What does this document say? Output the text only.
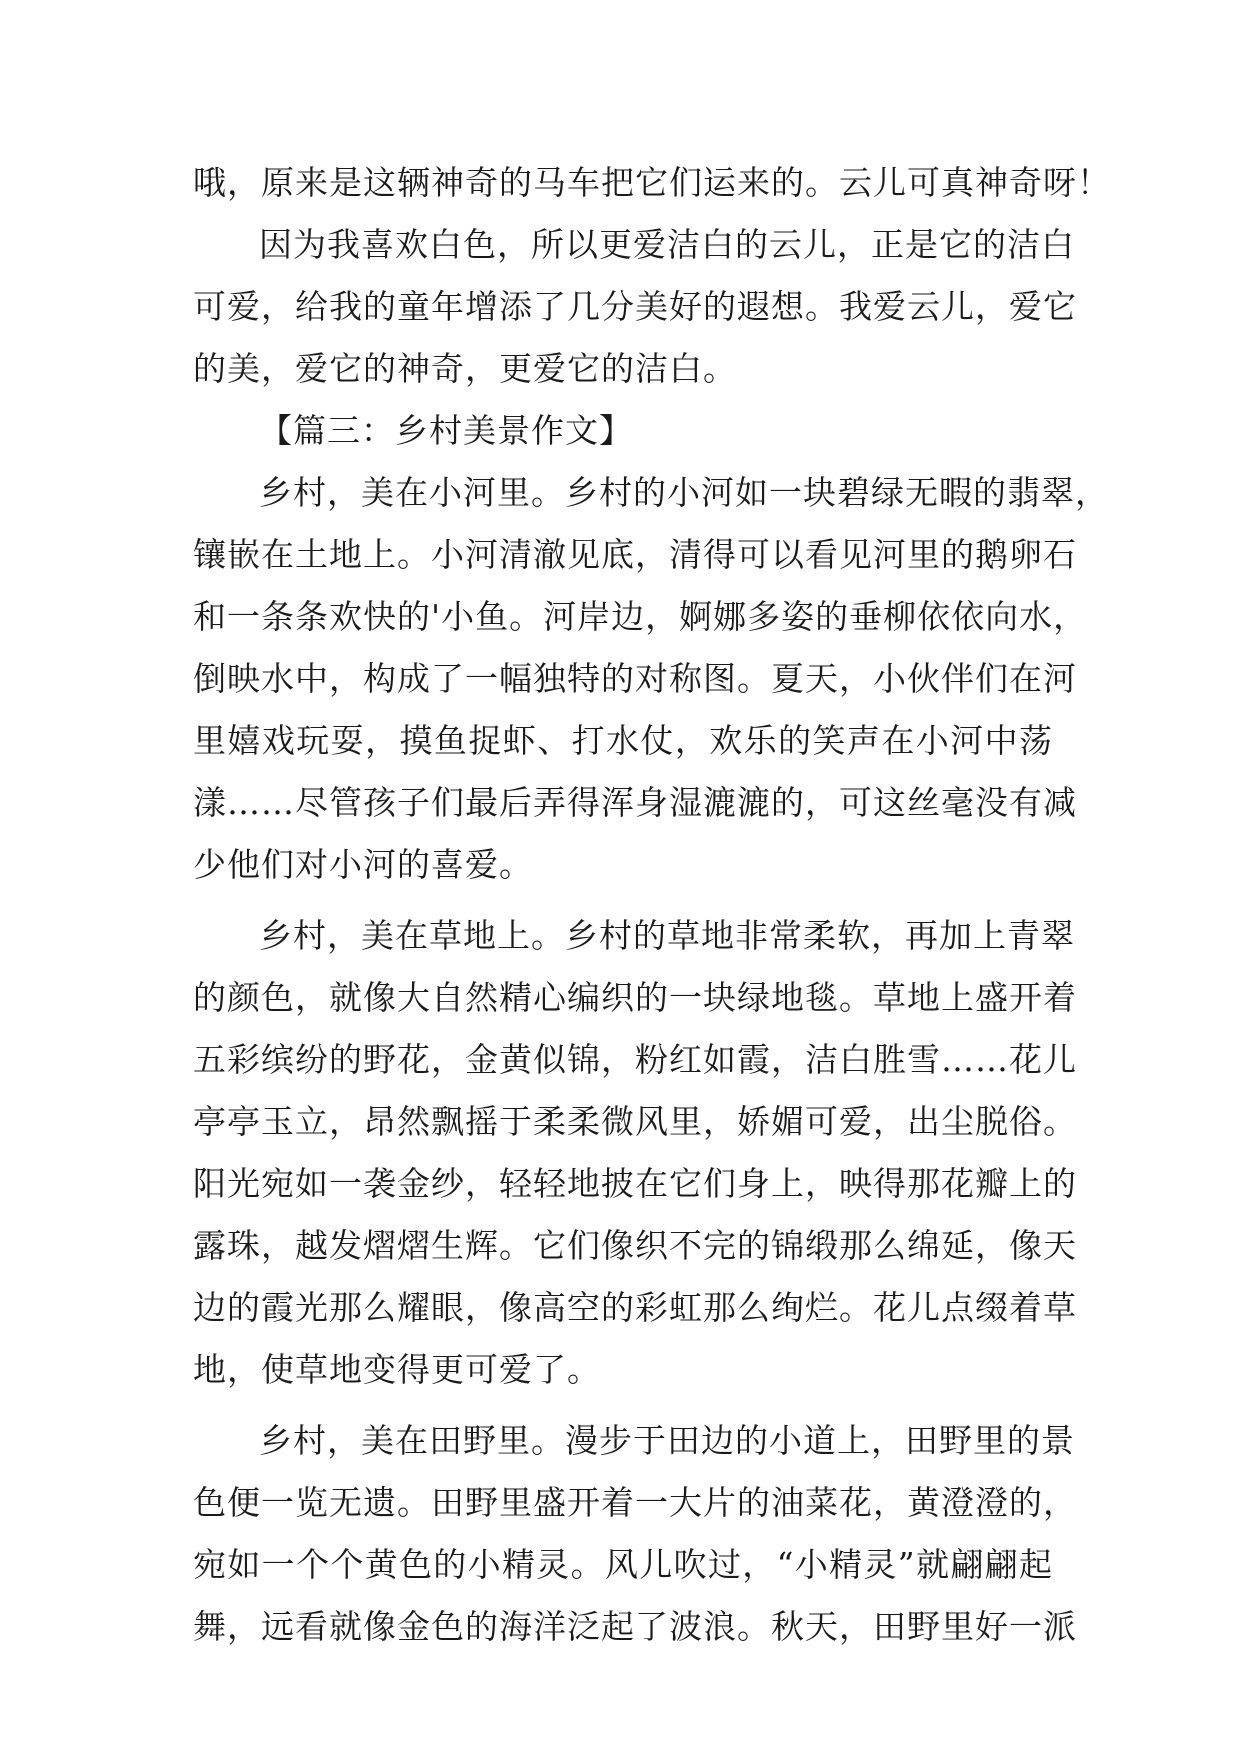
哦，原来是这辆神奇的马车把它们运来的。云儿可真神奇呀！
因为我喜欢白色，所以更爱洁白的云儿，正是它的洁白
可爱，给我的童年增添了几分美好的遐想。我爱云儿，爱它
的美，爱它的神奇，更爱它的洁白。
【篇三：乡村美景作文】
乡村，美在小河里。乡村的小河如一块碧绿无暇的翡翠，
镶嵌在土地上。小河清澈见底，清得可以看见河里的鹅卵石
和一条条欢快的'小鱼。河岸边，婀娜多姿的垂柳依依向水，
倒映水中，构成了一幅独特的对称图。夏天，小伙伴们在河
里嬉戏玩耍，摸鱼捉虾、打水仗，欢乐的笑声在小河中荡
漾……尽管孩子们最后弄得浑身湿漉漉的，可这丝毫没有减
少他们对小河的喜爱。
乡村，美在草地上。乡村的草地非常柔软，再加上青翠
的颜色，就像大自然精心编织的一块绿地毯。草地上盛开着
五彩缤纷的野花，金黄似锦，粉红如霞，洁白胜雪……花儿
亭亭玉立，昂然飘摇于柔柔微风里，娇媚可爱，出尘脱俗。
阳光宛如一袭金纱，轻轻地披在它们身上，映得那花瓣上的
露珠，越发熠熠生辉。它们像织不完的锦缎那么绵延，像天
边的霞光那么耀眼，像高空的彩虹那么绚烂。花儿点缀着草
地，使草地变得更可爱了。
乡村，美在田野里。漫步于田边的小道上，田野里的景
色便一览无遗。田野里盛开着一大片的油菜花，黄澄澄的，
宛如一个个黄色的小精灵。风儿吹过，“小精灵”就翩翩起
舞，远看就像金色的海洋泛起了波浪。秋天，田野里好一派
